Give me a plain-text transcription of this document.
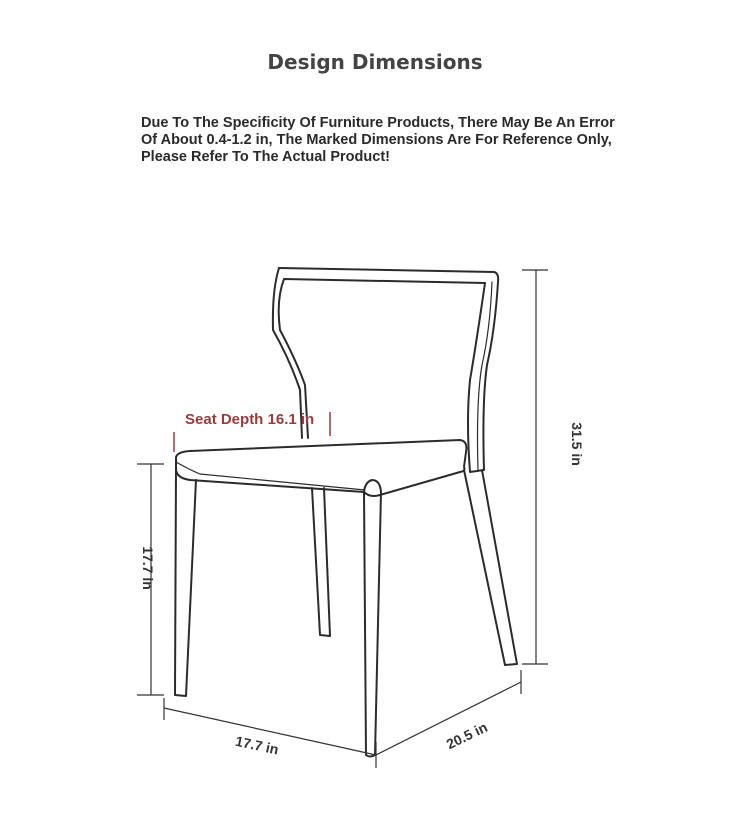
Design Dimensions
Due To The Specificity Of Furniture Products, There May Be An Error
Of About 0.4-1.2 in, The Marked Dimensions Are For Reference Only,
Please Refer To The Actual Product!
Seat Depth 16.1 in
31.5 in
17.7 in
17.7 in	20.5 in
